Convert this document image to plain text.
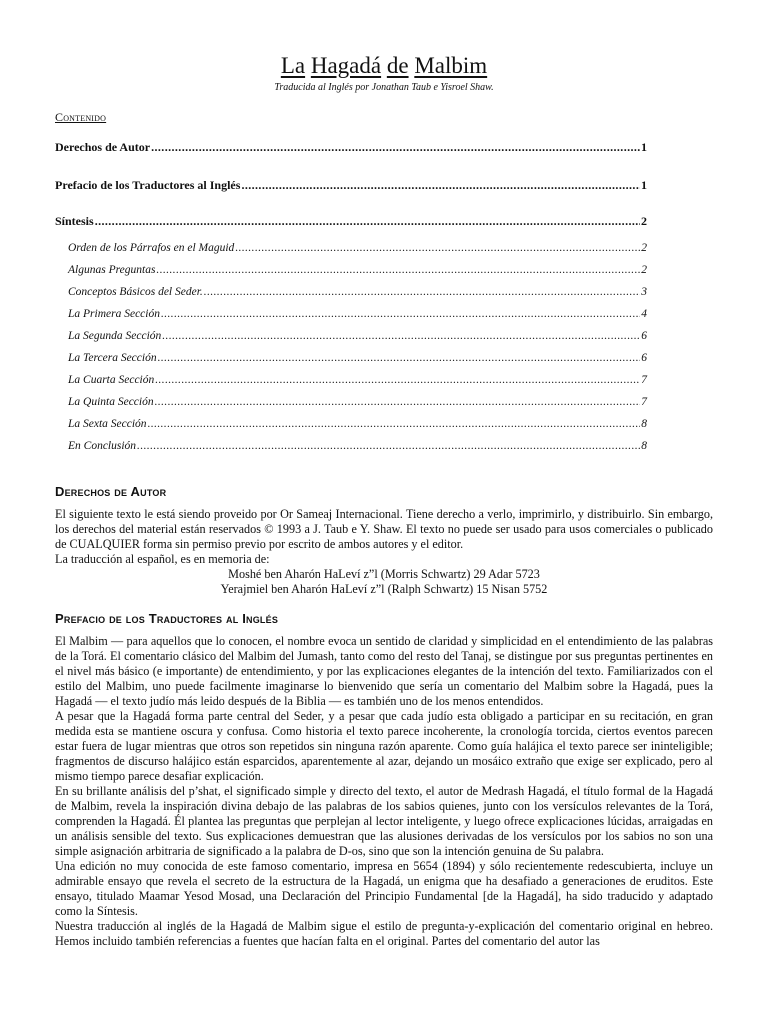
La Hagadá de Malbim
Traducida al Inglés por Jonathan Taub e Yisroel Shaw.
Contenido
Derechos de Autor .....	1
Prefacio de los Traductores al Inglés .....	1
Síntesis .....	2
Orden de los Párrafos en el Maguid .....	2
Algunas Preguntas .....	2
Conceptos Básicos del Seder. .....	3
La Primera Sección .....	4
La Segunda Sección .....	6
La Tercera Sección .....	6
La Cuarta Sección .....	7
La Quinta Sección .....	7
La Sexta Sección .....	8
En Conclusión .....	8
Derechos de Autor

El siguiente texto le está siendo proveido por Or Sameaj Internacional. Tiene derecho a verlo, imprimirlo, y distribuirlo. Sin embargo, los derechos del material están reservados © 1993 a J. Taub e Y. Shaw. El texto no puede ser usado para usos comerciales o publicado de CUALQUIER forma sin permiso previo por escrito de ambos autores y el editor.

La traducción al español, es en memoria de:

Moshé ben Aharón HaLeví z”l (Morris Schwartz) 29 Adar 5723

Yerajmiel ben Aharón HaLeví z”l (Ralph Schwartz) 15 Nisan 5752

Prefacio de los Traductores al Inglés

El Malbim — para aquellos que lo conocen, el nombre evoca un sentido de claridad y simplicidad en el entendimiento de las palabras de la Torá. El comentario clásico del Malbim del Jumash, tanto como del resto del Tanaj, se distingue por sus preguntas pertinentes en el nivel más básico (e importante) de entendimiento, y por las explicaciones elegantes de la intención del texto. Familiarizados con el estilo del Malbim, uno puede facilmente imaginarse lo bienvenido que sería un comentario del Malbim sobre la Hagadá, pues la Hagadá — el texto judío más leido después de la Biblia — es también uno de los menos entendidos.

A pesar que la Hagadá forma parte central del Seder, y a pesar que cada judío esta obligado a participar en su recitación, en gran medida esta se mantiene oscura y confusa. Como historia el texto parece incoherente, la cronología torcida, ciertos eventos parecen estar fuera de lugar mientras que otros son repetidos sin ninguna razón aparente. Como guía halájica el texto parece ser ininteligible; fragmentos de discurso halájico están esparcidos, aparentemente al azar, dejando un mosáico extraño que exige ser explicado, pero al mismo tiempo parece desafiar explicación.

En su brillante análisis del p’shat, el significado simple y directo del texto, el autor de Medrash Hagadá, el título formal de la Hagadá de Malbim, revela la inspiración divina debajo de las palabras de los sabios quienes, junto con los versículos relevantes de la Torá, comprenden la Hagadá. Él plantea las preguntas que perplejan al lector inteligente, y luego ofrece explicaciones lúcidas, arraigadas en un análisis sensible del texto. Sus explicaciones demuestran que las alusiones derivadas de los versículos por los sabios no son una simple asignación arbitraria de significado a la palabra de D-os, sino que son la intención genuina de Su palabra.

Una edición no muy conocida de este famoso comentario, impresa en 5654 (1894) y sólo recientemente redescubierta, incluye un admirable ensayo que revela el secreto de la estructura de la Hagadá, un enigma que ha desafiado a generaciones de eruditos. Este ensayo, titulado Maamar Yesod Mosad, una Declaración del Principio Fundamental [de la Hagadá], ha sido traducido y adaptado como la Síntesis.

Nuestra traducción al inglés de la Hagadá de Malbim sigue el estilo de pregunta-y-explicación del comentario original en hebreo. Hemos incluido también referencias a fuentes que hacían falta en el original. Partes del comentario del autor las
